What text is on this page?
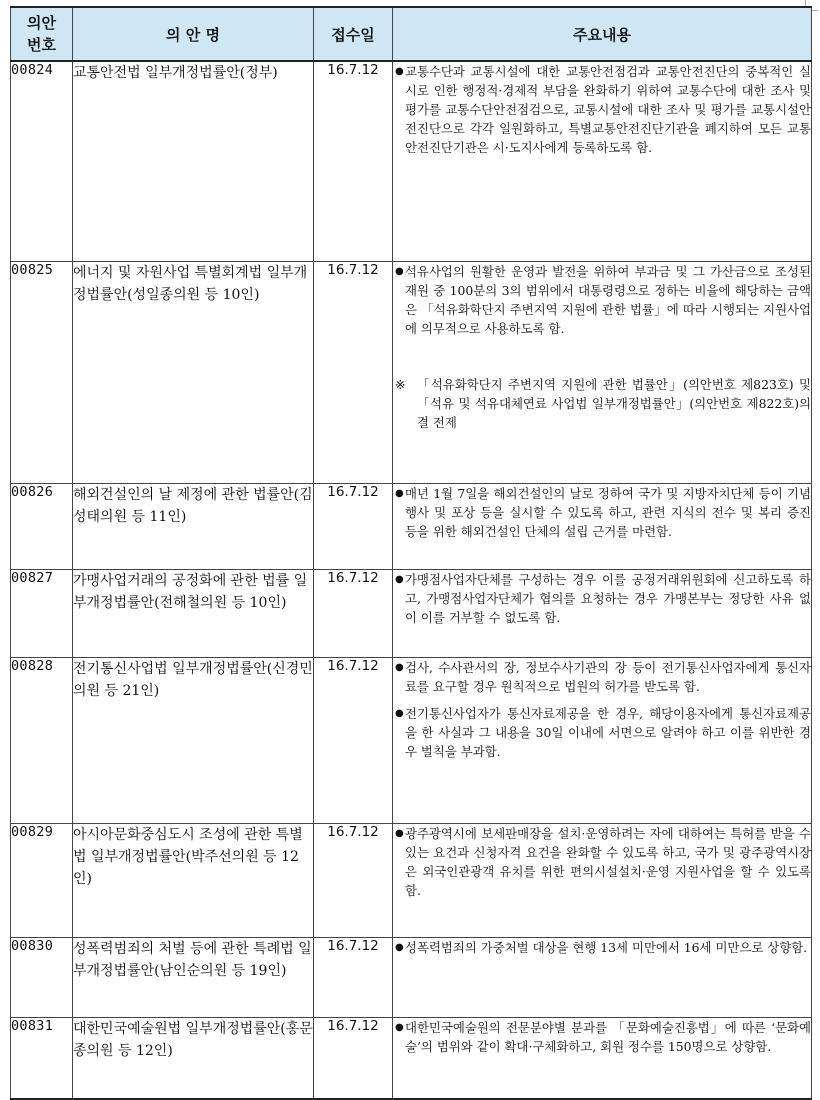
의안
번호	의 안 명	접수일	주요내용
00824	교통안전법 일부개정법률안(정부)	16.7.12	● 교통수단과 교통시설에 대한 교통안전점검과 교통안전진단의 중복적인 실시로 인한 행정적·경제적 부담을 완화하기 위하여 교통수단에 대한 조사 및 평가를 교통수단안전점검으로, 교통시설에 대한 조사 및 평가를 교통시설안전진단으로 각각 일원화하고, 특별교통안전진단기관을 폐지하여 모든 교통안전진단기관은 시·도지사에게 등록하도록 함.

00825	에너지 및 자원사업 특별회계법 일부개정법률안(성일종의원 등 10인)	16.7.12	● 석유사업의 원활한 운영과 발전을 위하여 부과금 및 그 가산금으로 조성된 재원 중 100분의 3의 범위에서 대통령령으로 정하는 비율에 해당하는 금액은 「석유화학단지 주변지역 지원에 관한 법률」에 따라 시행되는 지원사업에 의무적으로 사용하도록 함.
※ 「석유화학단지 주변지역 지원에 관한 법률안」(의안번호 제823호) 및 「석유 및 석유대체연료 사업법 일부개정법률안」(의안번호 제822호)의결 전제

00826	해외건설인의 날 제정에 관한 법률안(김성태의원 등 11인)	16.7.12	● 매년 1월 7일을 해외건설인의 날로 정하여 국가 및 지방자치단체 등이 기념행사 및 포상 등을 실시할 수 있도록 하고, 관련 지식의 전수 및 복리 증진 등을 위한 해외건설인 단체의 설립 근거를 마련함.

00827	가맹사업거래의 공정화에 관한 법률 일부개정법률안(전해철의원 등 10인)	16.7.12	● 가맹점사업자단체를 구성하는 경우 이를 공정거래위원회에 신고하도록 하고, 가맹점사업자단체가 협의를 요청하는 경우 가맹본부는 정당한 사유 없이 이를 거부할 수 없도록 함.

00828	전기통신사업법 일부개정법률안(신경민의원 등 21인)	16.7.12	● 검사, 수사관서의 장, 정보수사기관의 장 등이 전기통신사업자에게 통신자료를 요구할 경우 원칙적으로 법원의 허가를 받도록 함.
● 전기통신사업자가 통신자료제공을 한 경우, 해당이용자에게 통신자료제공을 한 사실과 그 내용을 30일 이내에 서면으로 알려야 하고 이를 위반한 경우 벌칙을 부과함.

00829	아시아문화중심도시 조성에 관한 특별법 일부개정법률안(박주선의원 등 12인)	16.7.12	● 광주광역시에 보세판매장을 설치·운영하려는 자에 대하여는 특허를 받을 수 있는 요건과 신청자격 요건을 완화할 수 있도록 하고, 국가 및 광주광역시장은 외국인관광객 유치를 위한 편의시설설치·운영 지원사업을 할 수 있도록 함.

00830	성폭력범죄의 처벌 등에 관한 특례법 일부개정법률안(남인순의원 등 19인)	16.7.12	● 성폭력범죄의 가중처벌 대상을 현행 13세 미만에서 16세 미만으로 상향함.

00831	대한민국예술원법 일부개정법률안(홍문종의원 등 12인)	16.7.12	● 대한민국예술원의 전문분야별 분과를 「문화예술진흥법」에 따른 ‘문화예술’의 범위와 같이 확대·구체화하고, 회원 정수를 150명으로 상향함.
